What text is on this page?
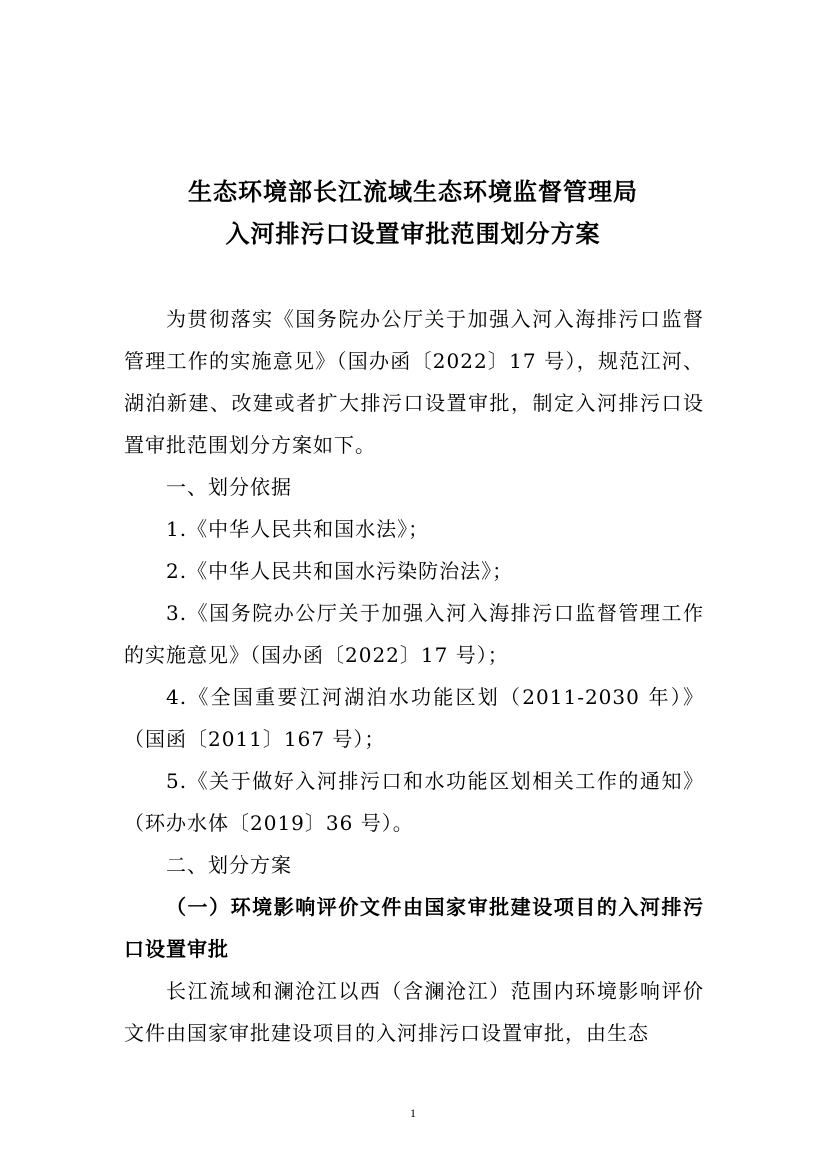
生态环境部长江流域生态环境监督管理局
入河排污口设置审批范围划分方案

为贯彻落实《国务院办公厅关于加强入河入海排污口监督管理工作的实施意见》（国办函〔2022〕17 号），规范江河、湖泊新建、改建或者扩大排污口设置审批，制定入河排污口设置审批范围划分方案如下。

一、划分依据

1.《中华人民共和国水法》；

2.《中华人民共和国水污染防治法》；

3.《国务院办公厅关于加强入河入海排污口监督管理工作的实施意见》（国办函〔2022〕17 号）；

4.《全国重要江河湖泊水功能区划（2011-2030 年）》（国函〔2011〕167 号）；

5.《关于做好入河排污口和水功能区划相关工作的通知》（环办水体〔2019〕36 号）。

二、划分方案

（一）环境影响评价文件由国家审批建设项目的入河排污口设置审批

长江流域和澜沧江以西（含澜沧江）范围内环境影响评价文件由国家审批建设项目的入河排污口设置审批，由生态

1
